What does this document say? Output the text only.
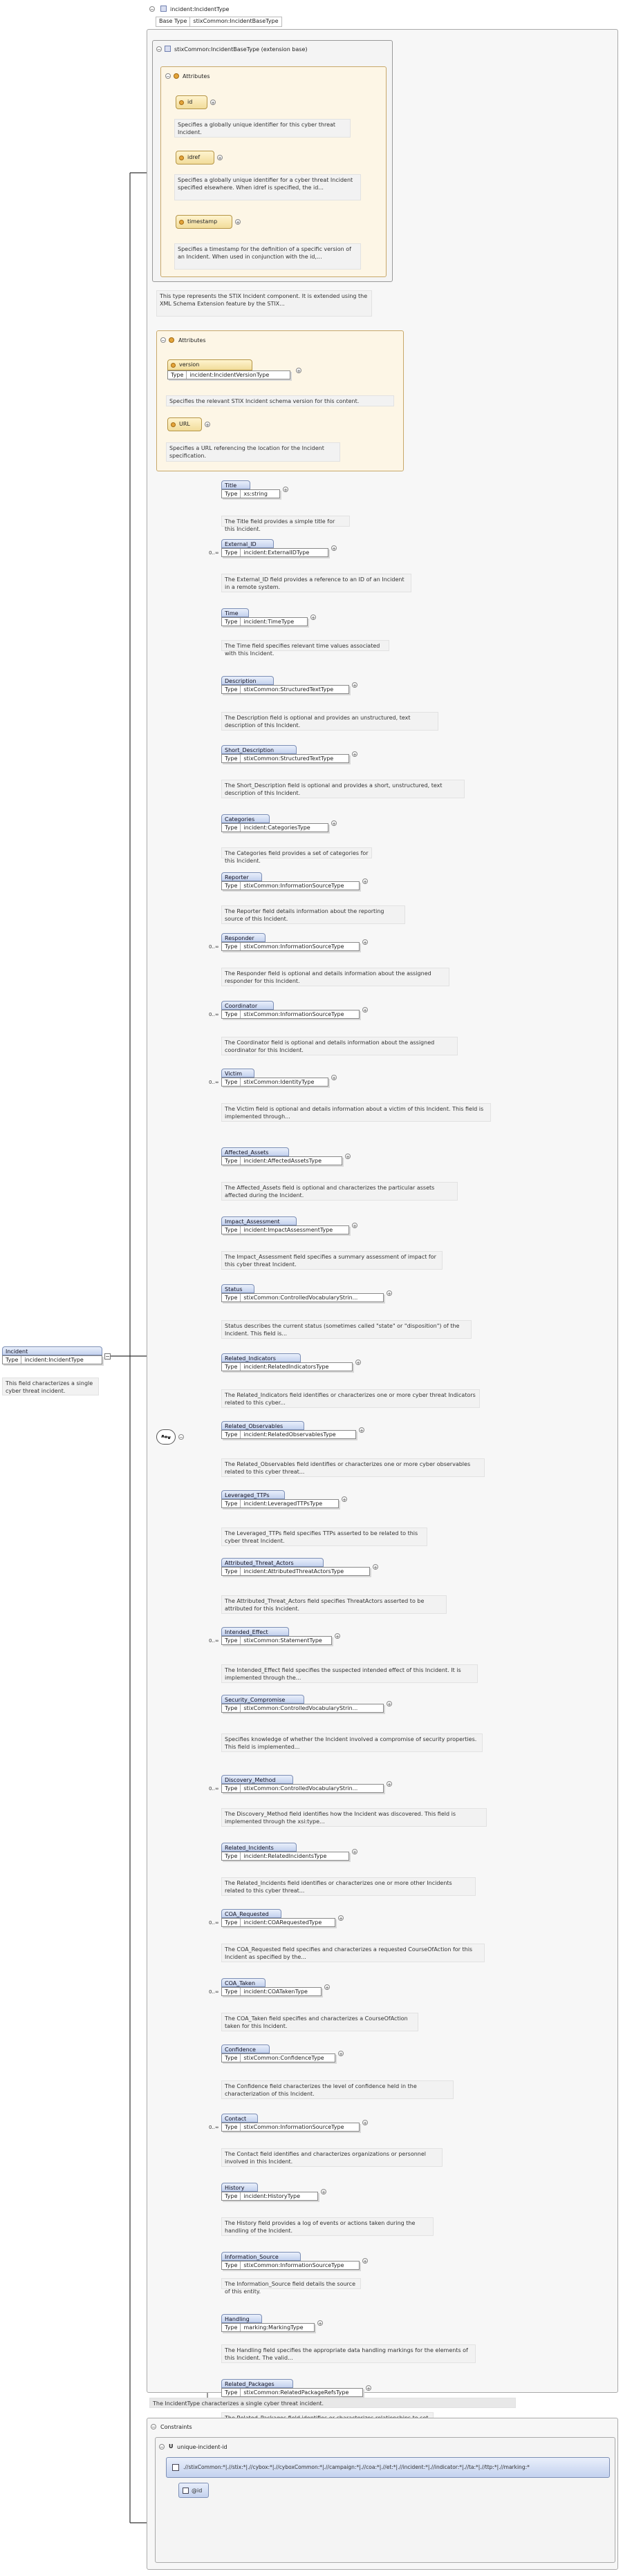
Incident
Type	incident:IncidentType
−
This field characterizes a single cyber threat incident.
−	incident:IncidentType
Base Type	stixCommon:IncidentBaseType
− stixCommon:IncidentBaseType (extension base)
− Attributes
id	+
Specifies a globally unique identifier for this cyber threat Incident.
idref	+
Specifies a globally unique identifier for a cyber threat Incident specified elsewhere. When idref is specified, the id...
timestamp	+
Specifies a timestamp for the definition of a specific version of an Incident. When used in conjunction with the id,...
This type represents the STIX Incident component. It is extended using the XML Schema Extension feature by the STIX...
− Attributes
version
Type	incident:IncidentVersionType
+
Specifies the relevant STIX Incident schema version for this content.
URL	+
Specifies a URL referencing the location for the Incident specification.
−
Title
Type	xs:string
+
The Title field provides a simple title for this Incident.
External_ID
Type	incident:ExternalIDType
+
0..∞
The External_ID field provides a reference to an ID of an Incident in a remote system.
Time
Type	incident:TimeType
+
The Time field specifies relevant time values associated with this Incident.
Description
Type	stixCommon:StructuredTextType
+
The Description field is optional and provides an unstructured, text description of this Incident.
Short_Description
Type	stixCommon:StructuredTextType
+
The Short_Description field is optional and provides a short, unstructured, text description of this Incident.
Categories
Type	incident:CategoriesType
+
The Categories field provides a set of categories for this Incident.
Reporter
Type	stixCommon:InformationSourceType
+
The Reporter field details information about the reporting source of this Incident.
Responder
Type	stixCommon:InformationSourceType
+
0..∞
The Responder field is optional and details information about the assigned responder for this Incident.
Coordinator
Type	stixCommon:InformationSourceType
+
0..∞
The Coordinator field is optional and details information about the assigned coordinator for this Incident.
Victim
Type	stixCommon:IdentityType
+
0..∞
The Victim field is optional and details information about a victim of this Incident. This field is implemented through...
Affected_Assets
Type	incident:AffectedAssetsType
+
The Affected_Assets field is optional and characterizes the particular assets affected during the Incident.
Impact_Assessment
Type	incident:ImpactAssessmentType
+
The Impact_Assessment field specifies a summary assessment of impact for this cyber threat Incident.
Status
Type	stixCommon:ControlledVocabularyStrin...
+
Status describes the current status (sometimes called "state" or "disposition") of the Incident. This field is...
Related_Indicators
Type	incident:RelatedIndicatorsType
+
The Related_Indicators field identifies or characterizes one or more cyber threat Indicators related to this cyber...
Related_Observables
Type	incident:RelatedObservablesType
+
The Related_Observables field identifies or characterizes one or more cyber observables related to this cyber threat...
Leveraged_TTPs
Type	incident:LeveragedTTPsType
+
The Leveraged_TTPs field specifies TTPs asserted to be related to this cyber threat Incident.
Attributed_Threat_Actors
Type	incident:AttributedThreatActorsType
+
The Attributed_Threat_Actors field specifies ThreatActors asserted to be attributed for this Incident.
Intended_Effect
Type	stixCommon:StatementType
+
0..∞
The Intended_Effect field specifies the suspected intended effect of this Incident. It is implemented through the...
Security_Compromise
Type	stixCommon:ControlledVocabularyStrin...
+
Specifies knowledge of whether the Incident involved a compromise of security properties. This field is implemented...
Discovery_Method
Type	stixCommon:ControlledVocabularyStrin...
+
0..∞
The Discovery_Method field identifies how the Incident was discovered. This field is implemented through the xsi:type...
Related_Incidents
Type	incident:RelatedIncidentsType
+
The Related_Incidents field identifies or characterizes one or more other Incidents related to this cyber threat...
COA_Requested
Type	incident:COARequestedType
+
0..∞
The COA_Requested field specifies and characterizes a requested CourseOfAction for this Incident as specified by the...
COA_Taken
Type	incident:COATakenType
+
0..∞
The COA_Taken field specifies and characterizes a CourseOfAction taken for this Incident.
Confidence
Type	stixCommon:ConfidenceType
+
The Confidence field characterizes the level of confidence held in the characterization of this Incident.
Contact
Type	stixCommon:InformationSourceType
+
0..∞
The Contact field identifies and characterizes organizations or personnel involved in this Incident.
History
Type	incident:HistoryType
+
The History field provides a log of events or actions taken during the handling of the Incident.
Information_Source
Type	stixCommon:InformationSourceType
+
The Information_Source field details the source of this entity.
Handling
Type	marking:MarkingType
+
The Handling field specifies the appropriate data handling markings for the elements of this Incident. The valid...
Related_Packages
Type	stixCommon:RelatedPackageRefsType
+
The IncidentType characterizes a single cyber threat incident.
− Constraints
− U unique-incident-id
.//stixCommon:*|.//stix:*|.//cybox:*|.//cyboxCommon:*|.//campaign:*|.//coa:*|.//et:*|.//incident:*|.//indicator:*|.//ta:*|.//ttp:*|.//marking:*
@id
